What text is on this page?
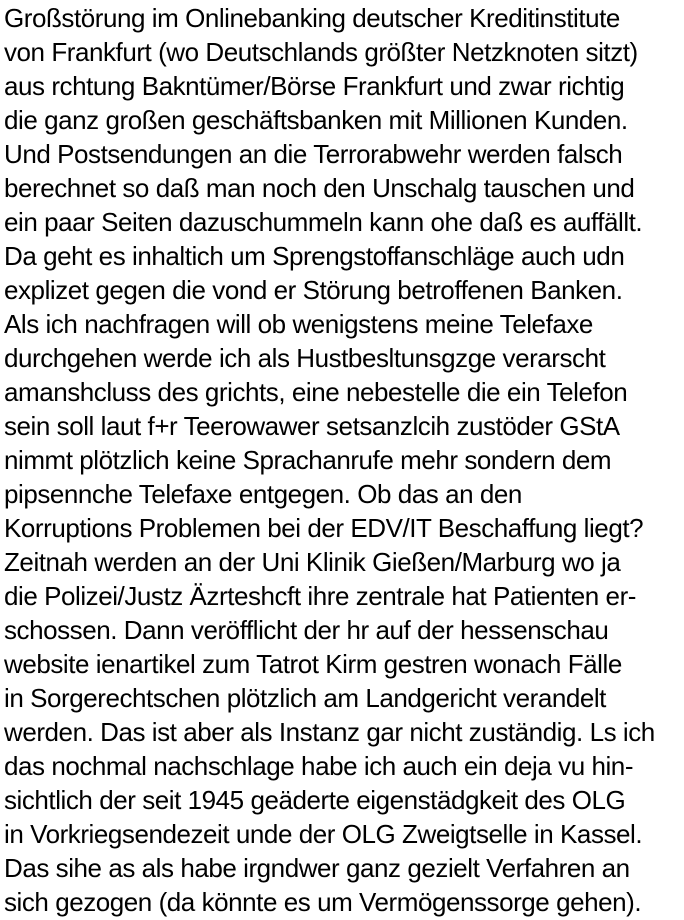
Großstörung im Onlinebanking deutscher Kreditinstitute
von Frankfurt (wo Deutschlands größter Netzknoten sitzt)
aus rchtung Bakntümer/Börse Frankfurt und zwar richtig
die ganz großen geschäftsbanken mit Millionen Kunden.
Und Postsendungen an die Terrorabwehr werden falsch
berechnet so daß man noch den Unschalg tauschen und
ein paar Seiten dazuschummeln kann ohe daß es auffällt.
Da geht es inhaltich um Sprengstoffanschläge auch udn
explizet gegen die vond er Störung betroffenen Banken.
Als ich nachfragen will ob wenigstens meine Telefaxe
durchgehen werde ich als Hustbesltunsgzge verarscht
amanshcluss des grichts, eine nebestelle die ein Telefon
sein soll laut f+r Teerowawer setsanzlcih zustöder GStA
nimmt plötzlich keine Sprachanrufe mehr sondern dem
pipsennche Telefaxe entgegen. Ob das an den
Korruptions Problemen bei der EDV/IT Beschaffung liegt?
Zeitnah werden an der Uni Klinik Gießen/Marburg wo ja
die Polizei/Justz Äzrteshcft ihre zentrale hat Patienten er-
schossen. Dann veröfflicht der hr auf der hessenschau
website ienartikel zum Tatrot Kirm gestren wonach Fälle
in Sorgerechtschen plötzlich am Landgericht verandelt
werden. Das ist aber als Instanz gar nicht zuständig. Ls ich
das nochmal nachschlage habe ich auch ein deja vu hin-
sichtlich der seit 1945 geäderte eigenstädgkeit des OLG
in Vorkriegsendezeit unde der OLG Zweigtselle in Kassel.
Das sihe as als habe irgndwer ganz gezielt Verfahren an
sich gezogen (da könnte es um Vermögenssorge gehen).
